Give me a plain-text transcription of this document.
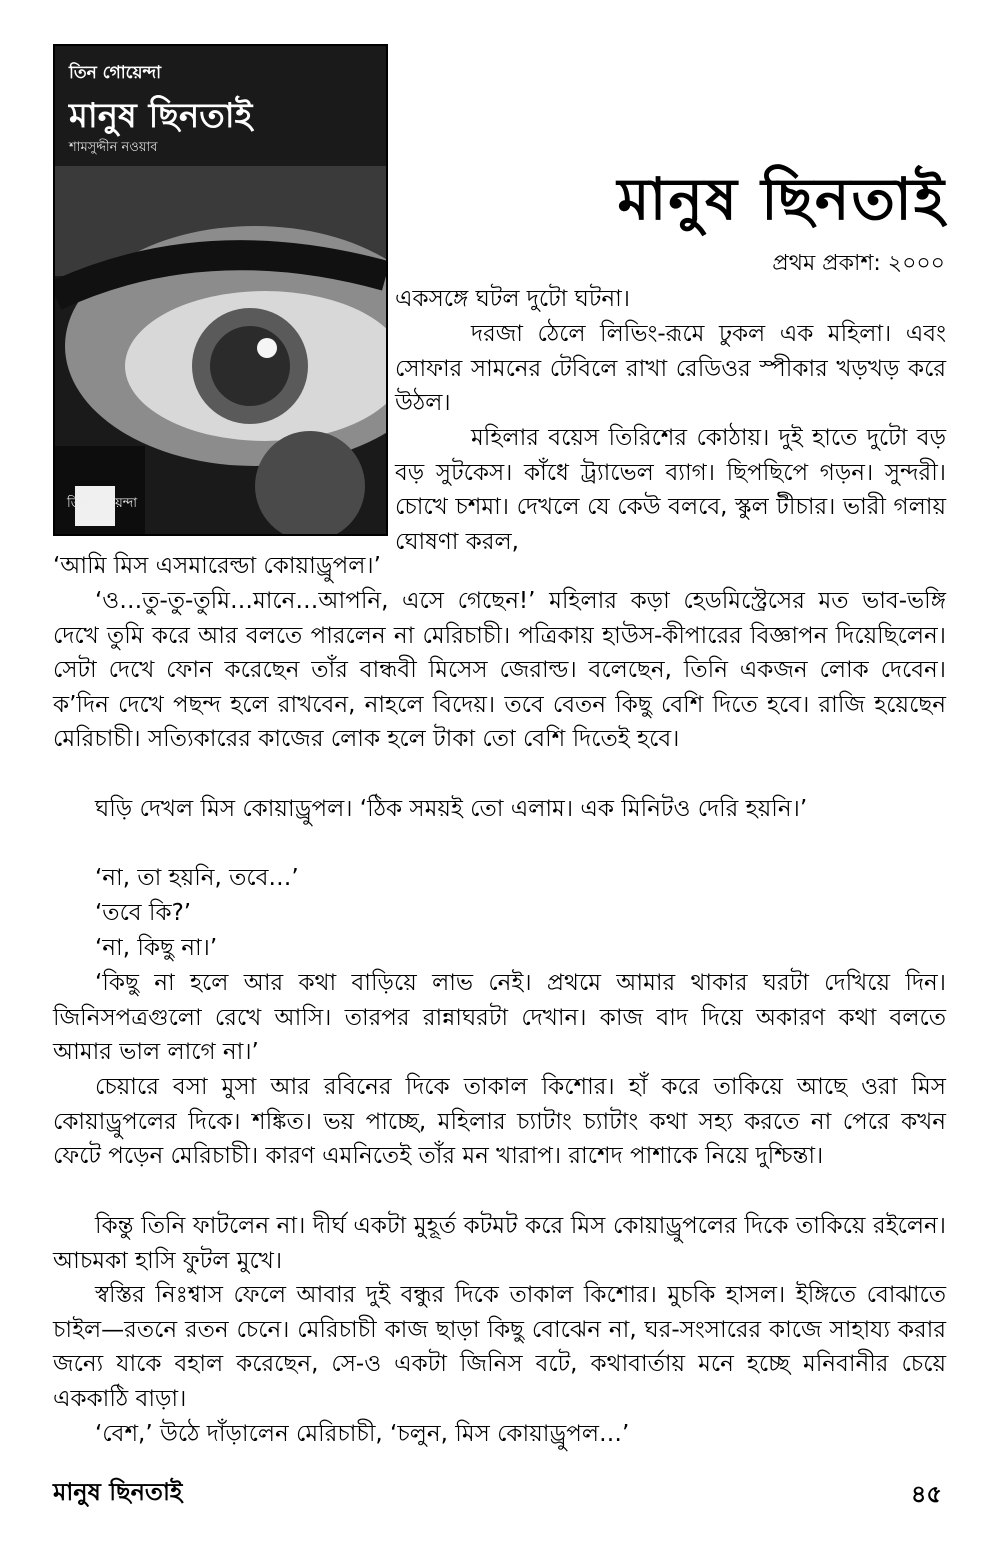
তিন গোয়েন্দা
মানুষ ছিনতাই
শামসুদ্দীন নওয়াব
তিন গোয়েন্দা
মানুষ ছিনতাই
প্রথম প্রকাশ: ২০০০

একসঙ্গে ঘটল দুটো ঘটনা।

দরজা ঠেলে লিভিং-রূমে ঢুকল এক মহিলা। এবং সোফার সামনের টেবিলে রাখা রেডিওর স্পীকার খড়খড় করে উঠল।

মহিলার বয়েস তিরিশের কোঠায়। দুই হাতে দুটো বড় বড় সুটকেস। কাঁধে ট্র্যাভেল ব্যাগ। ছিপছিপে গড়ন। সুন্দরী। চোখে চশমা। দেখলে যে কেউ বলবে, স্কুল টীচার। ভারী গলায় ঘোষণা করল,

‘আমি মিস এসমারেল্ডা কোয়াড্রুপল।’

‘ও…তু-তু-তুমি…মানে…আপনি, এসে গেছেন!’ মহিলার কড়া হেডমিস্ট্রেসের মত ভাব-ভঙ্গি দেখে তুমি করে আর বলতে পারলেন না মেরিচাচী। পত্রিকায় হাউস-কীপারের বিজ্ঞাপন দিয়েছিলেন। সেটা দেখে ফোন করেছেন তাঁর বান্ধবী মিসেস জেরাল্ড। বলেছেন, তিনি একজন লোক দেবেন। ক’দিন দেখে পছন্দ হলে রাখবেন, নাহলে বিদেয়। তবে বেতন কিছু বেশি দিতে হবে। রাজি হয়েছেন মেরিচাচী। সত্যিকারের কাজের লোক হলে টাকা তো বেশি দিতেই হবে।

ঘড়ি দেখল মিস কোয়াড্রুপল। ‘ঠিক সময়ই তো এলাম। এক মিনিটও দেরি হয়নি।’

‘না, তা হয়নি, তবে…’

‘তবে কি?’

‘না, কিছু না।’

‘কিছু না হলে আর কথা বাড়িয়ে লাভ নেই। প্রথমে আমার থাকার ঘরটা দেখিয়ে দিন। জিনিসপত্রগুলো রেখে আসি। তারপর রান্নাঘরটা দেখান। কাজ বাদ দিয়ে অকারণ কথা বলতে আমার ভাল লাগে না।’

চেয়ারে বসা মুসা আর রবিনের দিকে তাকাল কিশোর। হাঁ করে তাকিয়ে আছে ওরা মিস কোয়াড্রুপলের দিকে। শঙ্কিত। ভয় পাচ্ছে, মহিলার চ্যাটাং চ্যাটাং কথা সহ্য করতে না পেরে কখন ফেটে পড়েন মেরিচাচী। কারণ এমনিতেই তাঁর মন খারাপ। রাশেদ পাশাকে নিয়ে দুশ্চিন্তা।

কিন্তু তিনি ফাটলেন না। দীর্ঘ একটা মুহূর্ত কটমট করে মিস কোয়াড্রুপলের দিকে তাকিয়ে রইলেন। আচমকা হাসি ফুটল মুখে।

স্বস্তির নিঃশ্বাস ফেলে আবার দুই বন্ধুর দিকে তাকাল কিশোর। মুচকি হাসল। ইঙ্গিতে বোঝাতে চাইল—রতনে রতন চেনে। মেরিচাচী কাজ ছাড়া কিছু বোঝেন না, ঘর-সংসারের কাজে সাহায্য করার জন্যে যাকে বহাল করেছেন, সে-ও একটা জিনিস বটে, কথাবার্তায় মনে হচ্ছে মনিবানীর চেয়ে এককাঠি বাড়া।

‘বেশ,’ উঠে দাঁড়ালেন মেরিচাচী, ‘চলুন, মিস কোয়াড্রুপল…’

মানুষ ছিনতাই	৪৫
